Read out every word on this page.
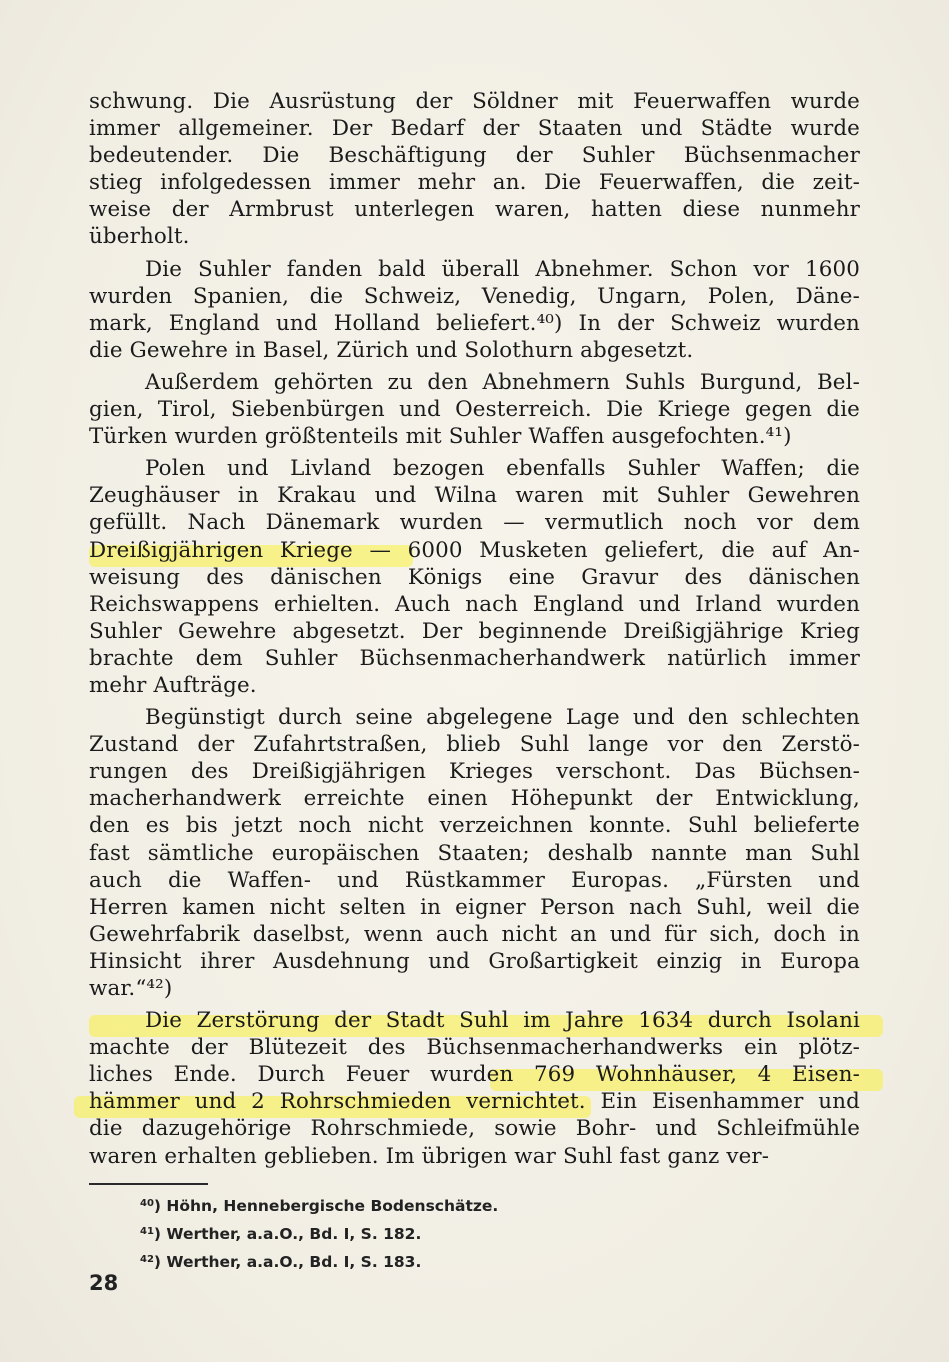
schwung. Die Ausrüstung der Söldner mit Feuerwaffen wurde
immer allgemeiner. Der Bedarf der Staaten und Städte wurde
bedeutender. Die Beschäftigung der Suhler Büchsenmacher
stieg infolgedessen immer mehr an. Die Feuerwaffen, die zeit-
weise der Armbrust unterlegen waren, hatten diese nunmehr
überholt.
Die Suhler fanden bald überall Abnehmer. Schon vor 1600
wurden Spanien, die Schweiz, Venedig, Ungarn, Polen, Däne-
mark, England und Holland beliefert.⁴⁰) In der Schweiz wurden
die Gewehre in Basel, Zürich und Solothurn abgesetzt.
Außerdem gehörten zu den Abnehmern Suhls Burgund, Bel-
gien, Tirol, Siebenbürgen und Oesterreich. Die Kriege gegen die
Türken wurden größtenteils mit Suhler Waffen ausgefochten.⁴¹)
Polen und Livland bezogen ebenfalls Suhler Waffen; die
Zeughäuser in Krakau und Wilna waren mit Suhler Gewehren
gefüllt. Nach Dänemark wurden — vermutlich noch vor dem
Dreißigjährigen Kriege — 6000 Musketen geliefert, die auf An-
weisung des dänischen Königs eine Gravur des dänischen
Reichswappens erhielten. Auch nach England und Irland wurden
Suhler Gewehre abgesetzt. Der beginnende Dreißigjährige Krieg
brachte dem Suhler Büchsenmacherhandwerk natürlich immer
mehr Aufträge.
Begünstigt durch seine abgelegene Lage und den schlechten
Zustand der Zufahrtstraßen, blieb Suhl lange vor den Zerstö-
rungen des Dreißigjährigen Krieges verschont. Das Büchsen-
macherhandwerk erreichte einen Höhepunkt der Entwicklung,
den es bis jetzt noch nicht verzeichnen konnte. Suhl belieferte
fast sämtliche europäischen Staaten; deshalb nannte man Suhl
auch die Waffen- und Rüstkammer Europas. „Fürsten und
Herren kamen nicht selten in eigner Person nach Suhl, weil die
Gewehrfabrik daselbst, wenn auch nicht an und für sich, doch in
Hinsicht ihrer Ausdehnung und Großartigkeit einzig in Europa
war.“⁴²)
Die Zerstörung der Stadt Suhl im Jahre 1634 durch Isolani
machte der Blütezeit des Büchsenmacherhandwerks ein plötz-
liches Ende. Durch Feuer wurden 769 Wohnhäuser, 4 Eisen-
hämmer und 2 Rohrschmieden vernichtet. Ein Eisenhammer und
die dazugehörige Rohrschmiede, sowie Bohr- und Schleifmühle
waren erhalten geblieben. Im übrigen war Suhl fast ganz ver-
$^{40}$) Höhn, Hennebergische Bodenschätze.
$^{41}$) Werther, a.a.O., Bd. I, S. 182.
$^{42}$) Werther, a.a.O., Bd. I, S. 183.
28
